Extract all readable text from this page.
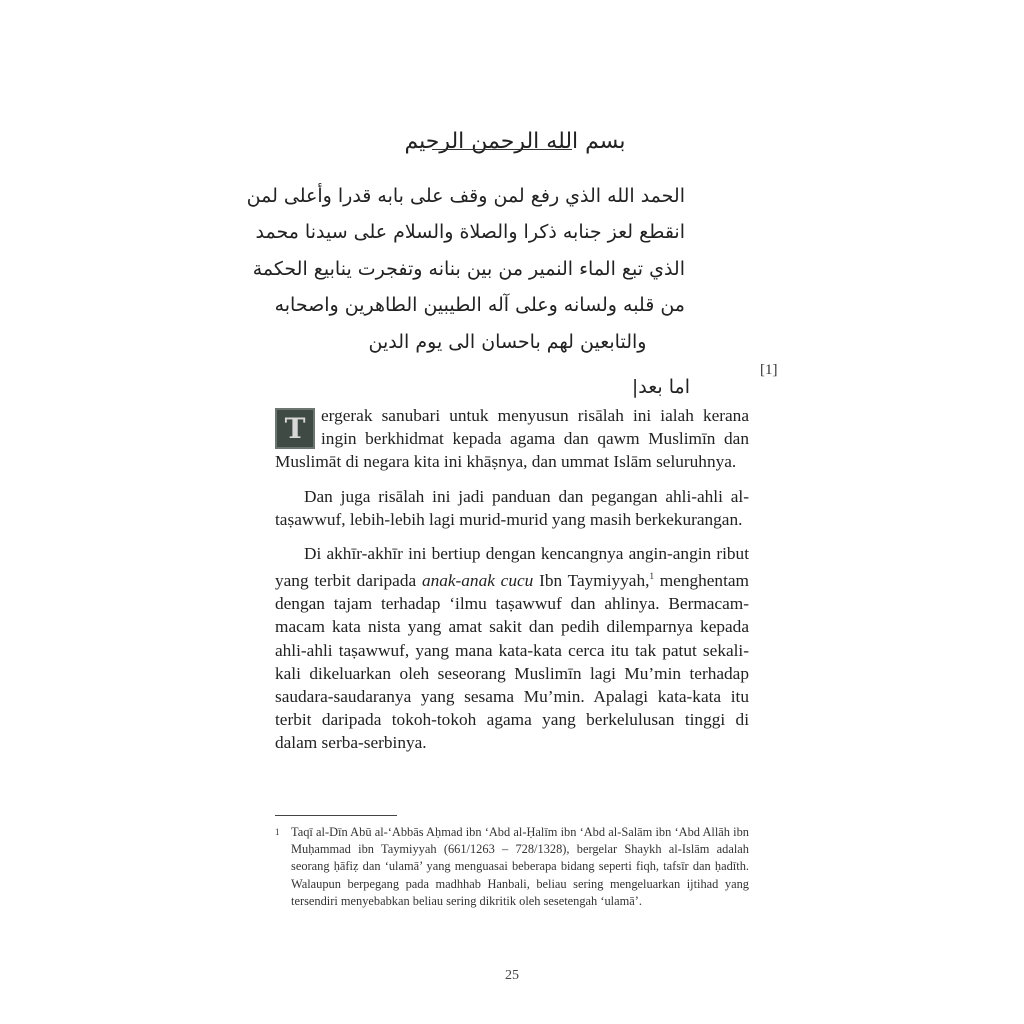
بسم الله الرحمن الرحيم
الحمد الله الذي رفع لمن وقف على بابه قدرا وأعلى لمن
انقطع لعز جنابه ذكرا والصلاة والسلام على سيدنا محمد
الذي تبع الماء النمير من بين بنانه وتفجرت ينابيع الحكمة
من قلبه ولسانه وعلى آله الطيبين الطاهرين واصحابه
والتابعين لهم باحسان الى يوم الدين
اما بعد|
[1]

T ergerak sanubari untuk menyusun risālah ini ialah kerana ingin berkhidmat kepada agama dan qawm Muslimīn dan Muslimāt di negara kita ini khāṣnya, dan ummat Islām seluruhnya.

Dan juga risālah ini jadi panduan dan pegangan ahli-ahli al-taṣawwuf, lebih-lebih lagi murid-murid yang masih berkekurangan.

Di akhīr-akhīr ini bertiup dengan kencangnya angin-angin ribut yang terbit daripada anak-anak cucu Ibn Taymiyyah,$^1$ menghentam dengan tajam terhadap ‘ilmu taṣawwuf dan ahlinya. Bermacam-macam kata nista yang amat sakit dan pedih dilemparnya kepada ahli-ahli taṣawwuf, yang mana kata-kata cerca itu tak patut sekali-kali dikeluarkan oleh seseorang Muslimīn lagi Mu’min terhadap saudara-saudaranya yang sesama Mu’min. Apalagi kata-kata itu terbit daripada tokoh-tokoh agama yang berkelulusan tinggi di dalam serba-serbinya.

1 Taqī al-Dīn Abū al-‘Abbās Aḥmad ibn ‘Abd al-Ḥalīm ibn ‘Abd al-Salām ibn ‘Abd Allāh ibn Muḥammad ibn Taymiyyah (661/1263 – 728/1328), bergelar Shaykh al-Islām adalah seorang ḥāfiẓ dan ‘ulamā’ yang menguasai beberapa bidang seperti fiqh, tafsīr dan ḥadīth. Walaupun berpegang pada madhhab Hanbali, beliau sering mengeluarkan ijtihad yang tersendiri menyebabkan beliau sering dikritik oleh sesetengah ‘ulamā’.
25
